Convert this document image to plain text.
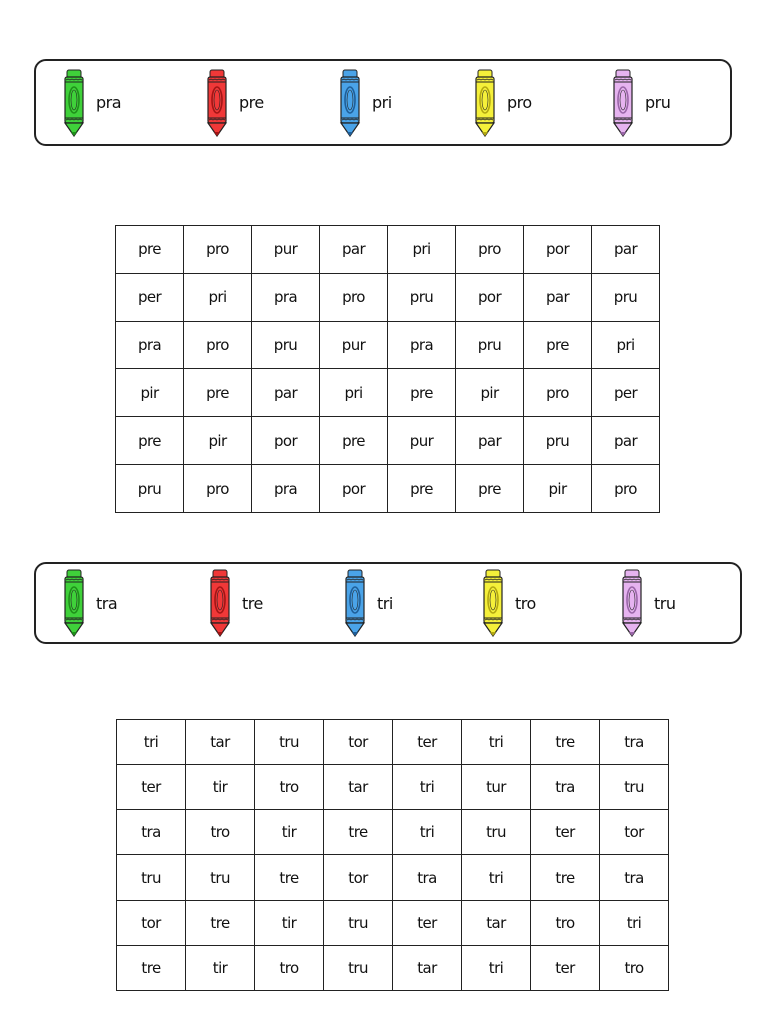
pra	pre	pri	pro	pru
pre	pro	pur	par	pri	pro	por	par
per	pri	pra	pro	pru	por	par	pru
pra	pro	pru	pur	pra	pru	pre	pri
pir	pre	par	pri	pre	pir	pro	per
pre	pir	por	pre	pur	par	pru	par
pru	pro	pra	por	pre	pre	pir	pro
tra	tre	tri	tro	tru
tri	tar	tru	tor	ter	tri	tre	tra
ter	tir	tro	tar	tri	tur	tra	tru
tra	tro	tir	tre	tri	tru	ter	tor
tru	tru	tre	tor	tra	tri	tre	tra
tor	tre	tir	tru	ter	tar	tro	tri
tre	tir	tro	tru	tar	tri	ter	tro
